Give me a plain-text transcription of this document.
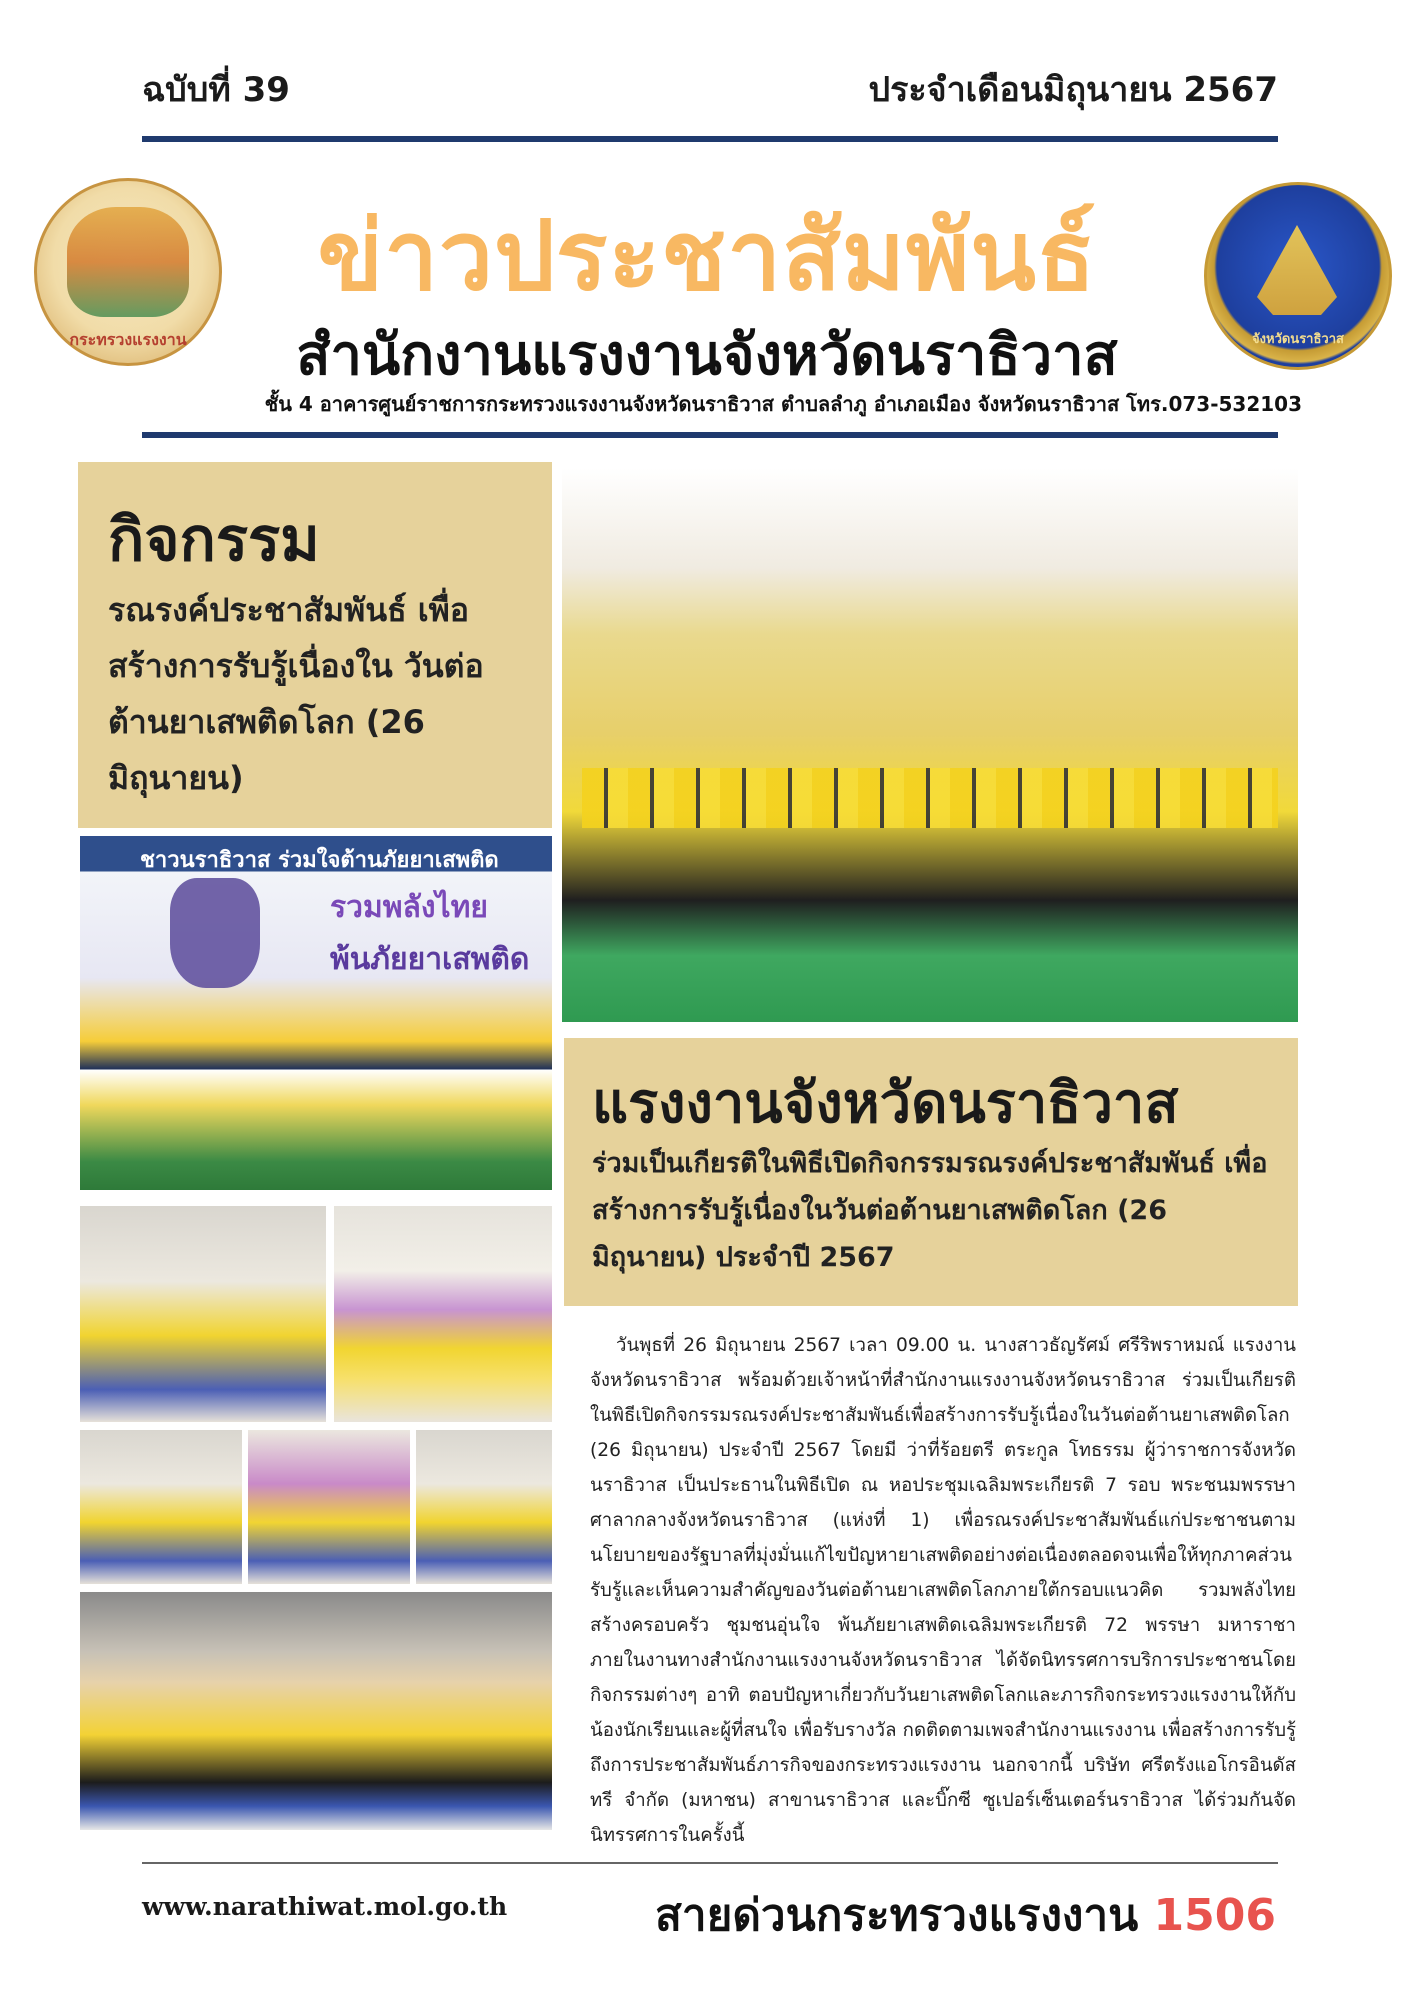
ฉบับที่ 39	ประจำเดือนมิถุนายน 2567
กระทรวงแรงงาน
ข่าวประชาสัมพันธ์
สำนักงานแรงงานจังหวัดนราธิวาส	จังหวัดนราธิวาส
ชั้น 4 อาคารศูนย์ราชการกระทรวงแรงงานจังหวัดนราธิวาส ตำบลลำภู อำเภอเมือง จังหวัดนราธิวาส โทร.073-532103
กิจกรรม
รณรงค์ประชาสัมพันธ์ เพื่อสร้างการรับรู้เนื่องใน วันต่อต้านยาเสพติดโลก (26 มิถุนายน)
ชาวนราธิวาส ร่วมใจต้านภัยยาเสพติด
รวมพลังไทย
พ้นภัยยาเสพติด
แรงงานจังหวัดนราธิวาส
ร่วมเป็นเกียรติในพิธีเปิดกิจกรรมรณรงค์ประชาสัมพันธ์ เพื่อสร้างการรับรู้เนื่องในวันต่อต้านยาเสพติดโลก (26 มิถุนายน) ประจำปี 2567
วันพุธที่ 26 มิถุนายน 2567 เวลา 09.00 น. นางสาวธัญรัศม์ ศรีริพราหมณ์ แรงงานจังหวัดนราธิวาส พร้อมด้วยเจ้าหน้าที่สำนักงานแรงงานจังหวัดนราธิวาส ร่วมเป็นเกียรติในพิธีเปิดกิจกรรมรณรงค์ประชาสัมพันธ์เพื่อสร้างการรับรู้เนื่องในวันต่อต้านยาเสพติดโลก (26 มิถุนายน) ประจำปี 2567 โดยมี ว่าที่ร้อยตรี ตระกูล โทธรรม ผู้ว่าราชการจังหวัดนราธิวาส เป็นประธานในพิธีเปิด ณ หอประชุมเฉลิมพระเกียรติ 7 รอบ พระชนมพรรษา ศาลากลางจังหวัดนราธิวาส (แห่งที่ 1) เพื่อรณรงค์ประชาสัมพันธ์แก่ประชาชนตามนโยบายของรัฐบาลที่มุ่งมั่นแก้ไขปัญหายาเสพติดอย่างต่อเนื่องตลอดจนเพื่อให้ทุกภาคส่วนรับรู้และเห็นความสำคัญของวันต่อต้านยาเสพติดโลกภายใต้กรอบแนวคิด รวมพลังไทย สร้างครอบครัว ชุมชนอุ่นใจ พ้นภัยยาเสพติดเฉลิมพระเกียรติ 72 พรรษา มหาราชา ภายในงานทางสำนักงานแรงงานจังหวัดนราธิวาส ได้จัดนิทรรศการบริการประชาชนโดยกิจกรรมต่างๆ อาทิ ตอบปัญหาเกี่ยวกับวันยาเสพติดโลกและภารกิจกระทรวงแรงงานให้กับน้องนักเรียนและผู้ที่สนใจ เพื่อรับรางวัล กดติดตามเพจสำนักงานแรงงาน เพื่อสร้างการรับรู้ถึงการประชาสัมพันธ์ภารกิจของกระทรวงแรงงาน นอกจากนี้ บริษัท ศรีตรังแอโกรอินดัสทรี จำกัด (มหาชน) สาขานราธิวาส และบิ๊กซี ซูเปอร์เซ็นเตอร์นราธิวาส ได้ร่วมกันจัดนิทรรศการในครั้งนี้
www.narathiwat.mol.go.th	สายด่วนกระทรวงแรงงาน 1506
